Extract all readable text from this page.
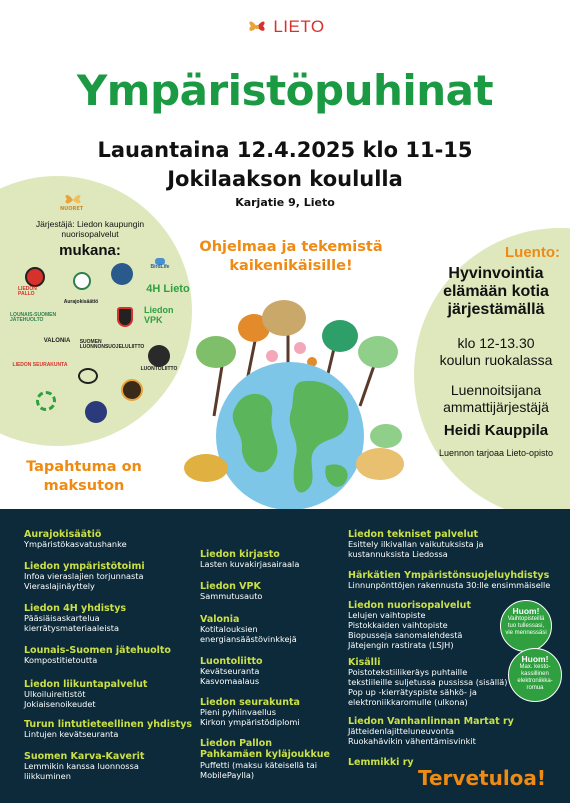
LIETO
Ympäristöpuhinat
Lauantaina 12.4.2025 klo 11-15
Jokilaakson koululla
Karjatie 9, Lieto
NUORET
Järjestäjä: Liedon kaupungin nuorisopalvelut
mukana:
LIEDON PALLO
BirdLife
Aurajokisäätiö
4H Lieto
LOUNAIS-SUOMEN JÄTEHUOLTO
Liedon VPK
VALONIA SUOMEN LUONNONSUOJELULIITTO
LUONTOLIITTO
LIEDON SEURAKUNTA
Ohjelmaa ja tekemistä kaikenikäisille!
Tapahtuma on maksuton
Luento:
Hyvinvointia elämään kotia järjestämällä
klo 12-13.30
koulun ruokalassa
Luennoitsijana ammattijärjestäjä
Heidi Kauppila
Luennon tarjoaa Lieto-opisto
Aurajokisäätiö
Ympäristökasvatushanke
Liedon ympäristötoimi
Infoa vieraslajien torjunnasta
Vieraslajinäyttely
Liedon 4H yhdistys
Pääsiäisaskartelua
kierrätysmateriaaleista
Lounais-Suomen jätehuolto
Kompostitietoutta
Liedon liikuntapalvelut
Ulkoiluireitistöt
Jokiaisenoikeudet
Turun lintutieteellinen yhdistys
Lintujen kevätseuranta
Suomen Karva-Kaverit
Lemmikin kanssa luonnossa
liikkuminen
Liedon kirjasto
Lasten kuvakirjasairaala
Liedon VPK
Sammutusauto
Valonia
Kotitalouksien
energiansäästövinkkejä
Luontoliitto
Kevätseuranta
Kasvomaalaus
Liedon seurakunta
Pieni pyhiinvaellus
Kirkon ympäristödiplomi
Liedon Pallon
Pahkamäen kyläjoukkue
Puffetti (maksu käteisellä tai
MobilePaylla)
Liedon tekniset palvelut
Esittely ilkivallan vaikutuksista ja
kustannuksista Liedossa
Härkätien Ympäristönsuojeluyhdistys
Linnunpönttöjen rakennusta 30:lle ensimmäiselle
Liedon nuorisopalvelut
Lelujen vaihtopiste
Pistokkaiden vaihtopiste
Biopusseja sanomalehdestä
Jätejengin rastirata (LSJH)
Kisälli
Poistotekstiilikeräys puhtaille
tekstiileille suljetussa pussissa (sisällä)
Pop up -kierrätyspiste sähkö- ja
elektroniikkaromulle (ulkona)
Liedon Vanhanlinnan Martat ry
Jätteidenlajitteluneuvonta
Ruokahävikin vähentämisvinkit
Lemmikki ry
Huom!
Vaihtopisteillä
tuo tullessasi,
vie mennessäsi
Huom!
Max. kesto-
kassillinen
elektroniikka-
romua
Tervetuloa!
